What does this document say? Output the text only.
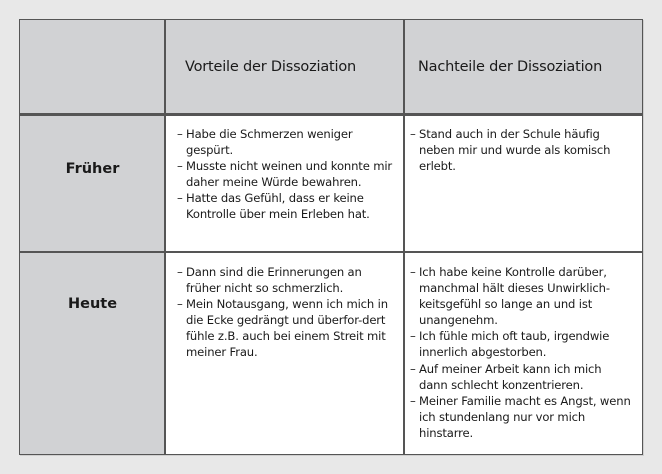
Vorteile der Dissoziation	Nachteile der Dissoziation
Früher
– Habe die Schmerzen weniger gespürt.
– Musste nicht weinen und konnte mir daher meine Würde bewahren.
– Hatte das Gefühl, dass er keine Kontrolle über mein Erleben hat.
– Stand auch in der Schule häufig neben mir und wurde als komisch erlebt.
Heute
– Dann sind die Erinnerungen an früher nicht so schmerzlich.
– Mein Notausgang, wenn ich mich in die Ecke gedrängt und überfor-dert fühle z.B. auch bei einem Streit mit meiner Frau.
– Ich habe keine Kontrolle darüber, manchmal hält dieses Unwirklich-keitsgefühl so lange an und ist unangenehm.
– Ich fühle mich oft taub, irgendwie innerlich abgestorben.
– Auf meiner Arbeit kann ich mich dann schlecht konzentrieren.
– Meiner Familie macht es Angst, wenn ich stundenlang nur vor mich hinstarre.
